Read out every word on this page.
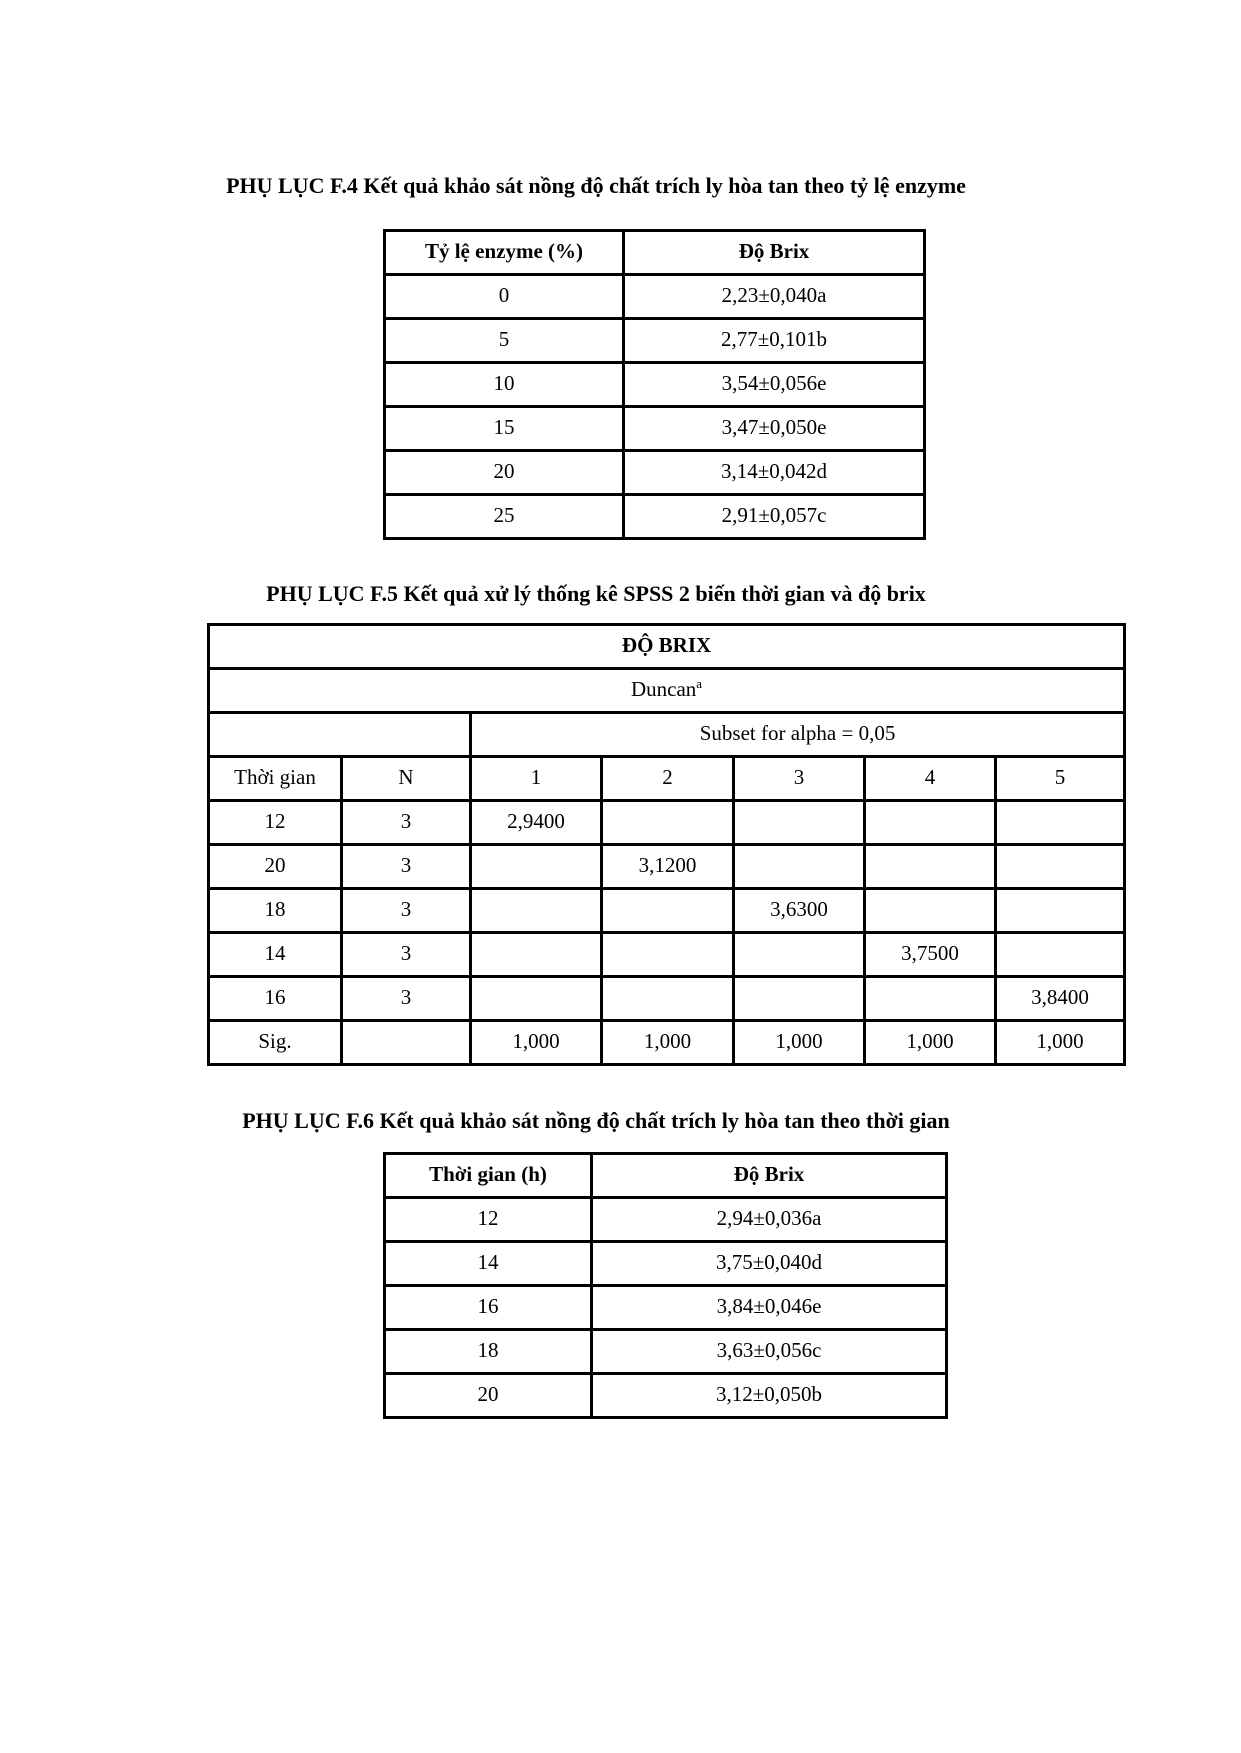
PHỤ LỤC F.4 Kết quả khảo sát nồng độ chất trích ly hòa tan theo tỷ lệ enzyme
Tỷ lệ enzyme (%)	Độ Brix
0	2,23±0,040a
5	2,77±0,101b
10	3,54±0,056e
15	3,47±0,050e
20	3,14±0,042d
25	2,91±0,057c
PHỤ LỤC F.5 Kết quả xử lý thống kê SPSS 2 biến thời gian và độ brix
ĐỘ BRIX						
Duncan$^a$
		Subset for alpha = 0,05				
Thời gian	N	1	2	3	4	5
12	3	2,9400				
20	3		3,1200			
18	3			3,6300		
14	3				3,7500	
16	3					3,8400
Sig.		1,000	1,000	1,000	1,000	1,000
PHỤ LỤC F.6 Kết quả khảo sát nồng độ chất trích ly hòa tan theo thời gian
Thời gian (h)	Độ Brix
12	2,94±0,036a
14	3,75±0,040d
16	3,84±0,046e
18	3,63±0,056c
20	3,12±0,050b
